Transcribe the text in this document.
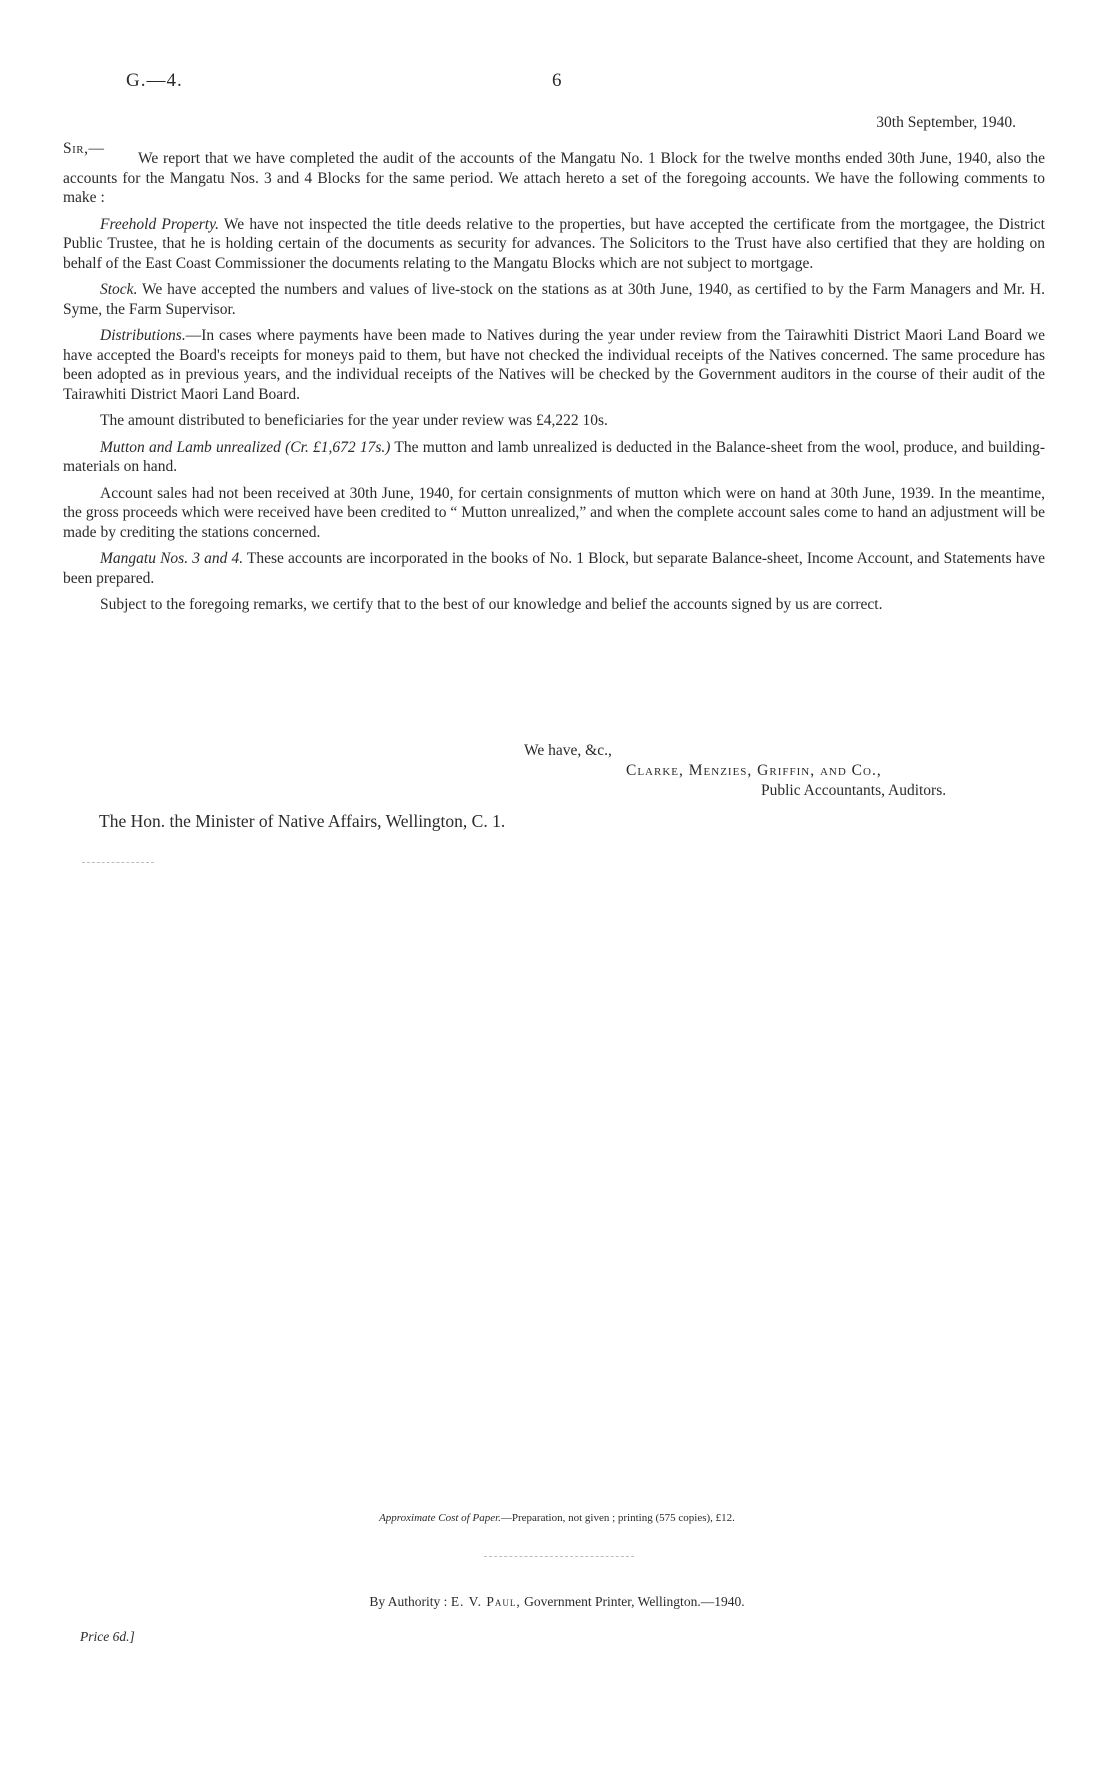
G.—4.	6
30th September, 1940.
Sir,—

We report that we have completed the audit of the accounts of the Mangatu No. 1 Block for the twelve months ended 30th June, 1940, also the accounts for the Mangatu Nos. 3 and 4 Blocks for the same period. We attach hereto a set of the foregoing accounts. We have the following comments to make :

Freehold Property. We have not inspected the title deeds relative to the properties, but have accepted the certificate from the mortgagee, the District Public Trustee, that he is holding certain of the documents as security for advances. The Solicitors to the Trust have also certified that they are holding on behalf of the East Coast Commissioner the documents relating to the Mangatu Blocks which are not subject to mortgage.

Stock. We have accepted the numbers and values of live-stock on the stations as at 30th June, 1940, as certified to by the Farm Managers and Mr. H. Syme, the Farm Supervisor.

Distributions.—In cases where payments have been made to Natives during the year under review from the Tairawhiti District Maori Land Board we have accepted the Board's receipts for moneys paid to them, but have not checked the individual receipts of the Natives concerned. The same procedure has been adopted as in previous years, and the individual receipts of the Natives will be checked by the Government auditors in the course of their audit of the Tairawhiti District Maori Land Board.

The amount distributed to beneficiaries for the year under review was £4,222 10s.

Mutton and Lamb unrealized (Cr. £1,672 17s.) The mutton and lamb unrealized is deducted in the Balance-sheet from the wool, produce, and building-materials on hand.

Account sales had not been received at 30th June, 1940, for certain consignments of mutton which were on hand at 30th June, 1939. In the meantime, the gross proceeds which were received have been credited to “ Mutton unrealized,” and when the complete account sales come to hand an adjustment will be made by crediting the stations concerned.

Mangatu Nos. 3 and 4. These accounts are incorporated in the books of No. 1 Block, but separate Balance-sheet, Income Account, and Statements have been prepared.

Subject to the foregoing remarks, we certify that to the best of our knowledge and belief the accounts signed by us are correct.

We have, &c.,
Clarke, Menzies, Griffin, and Co.,
Public Accountants, Auditors.
The Hon. the Minister of Native Affairs, Wellington, C. 1.
Approximate Cost of Paper.—Preparation, not given ; printing (575 copies), £12.
By Authority : E. V. Paul, Government Printer, Wellington.—1940.
Price 6d.]
